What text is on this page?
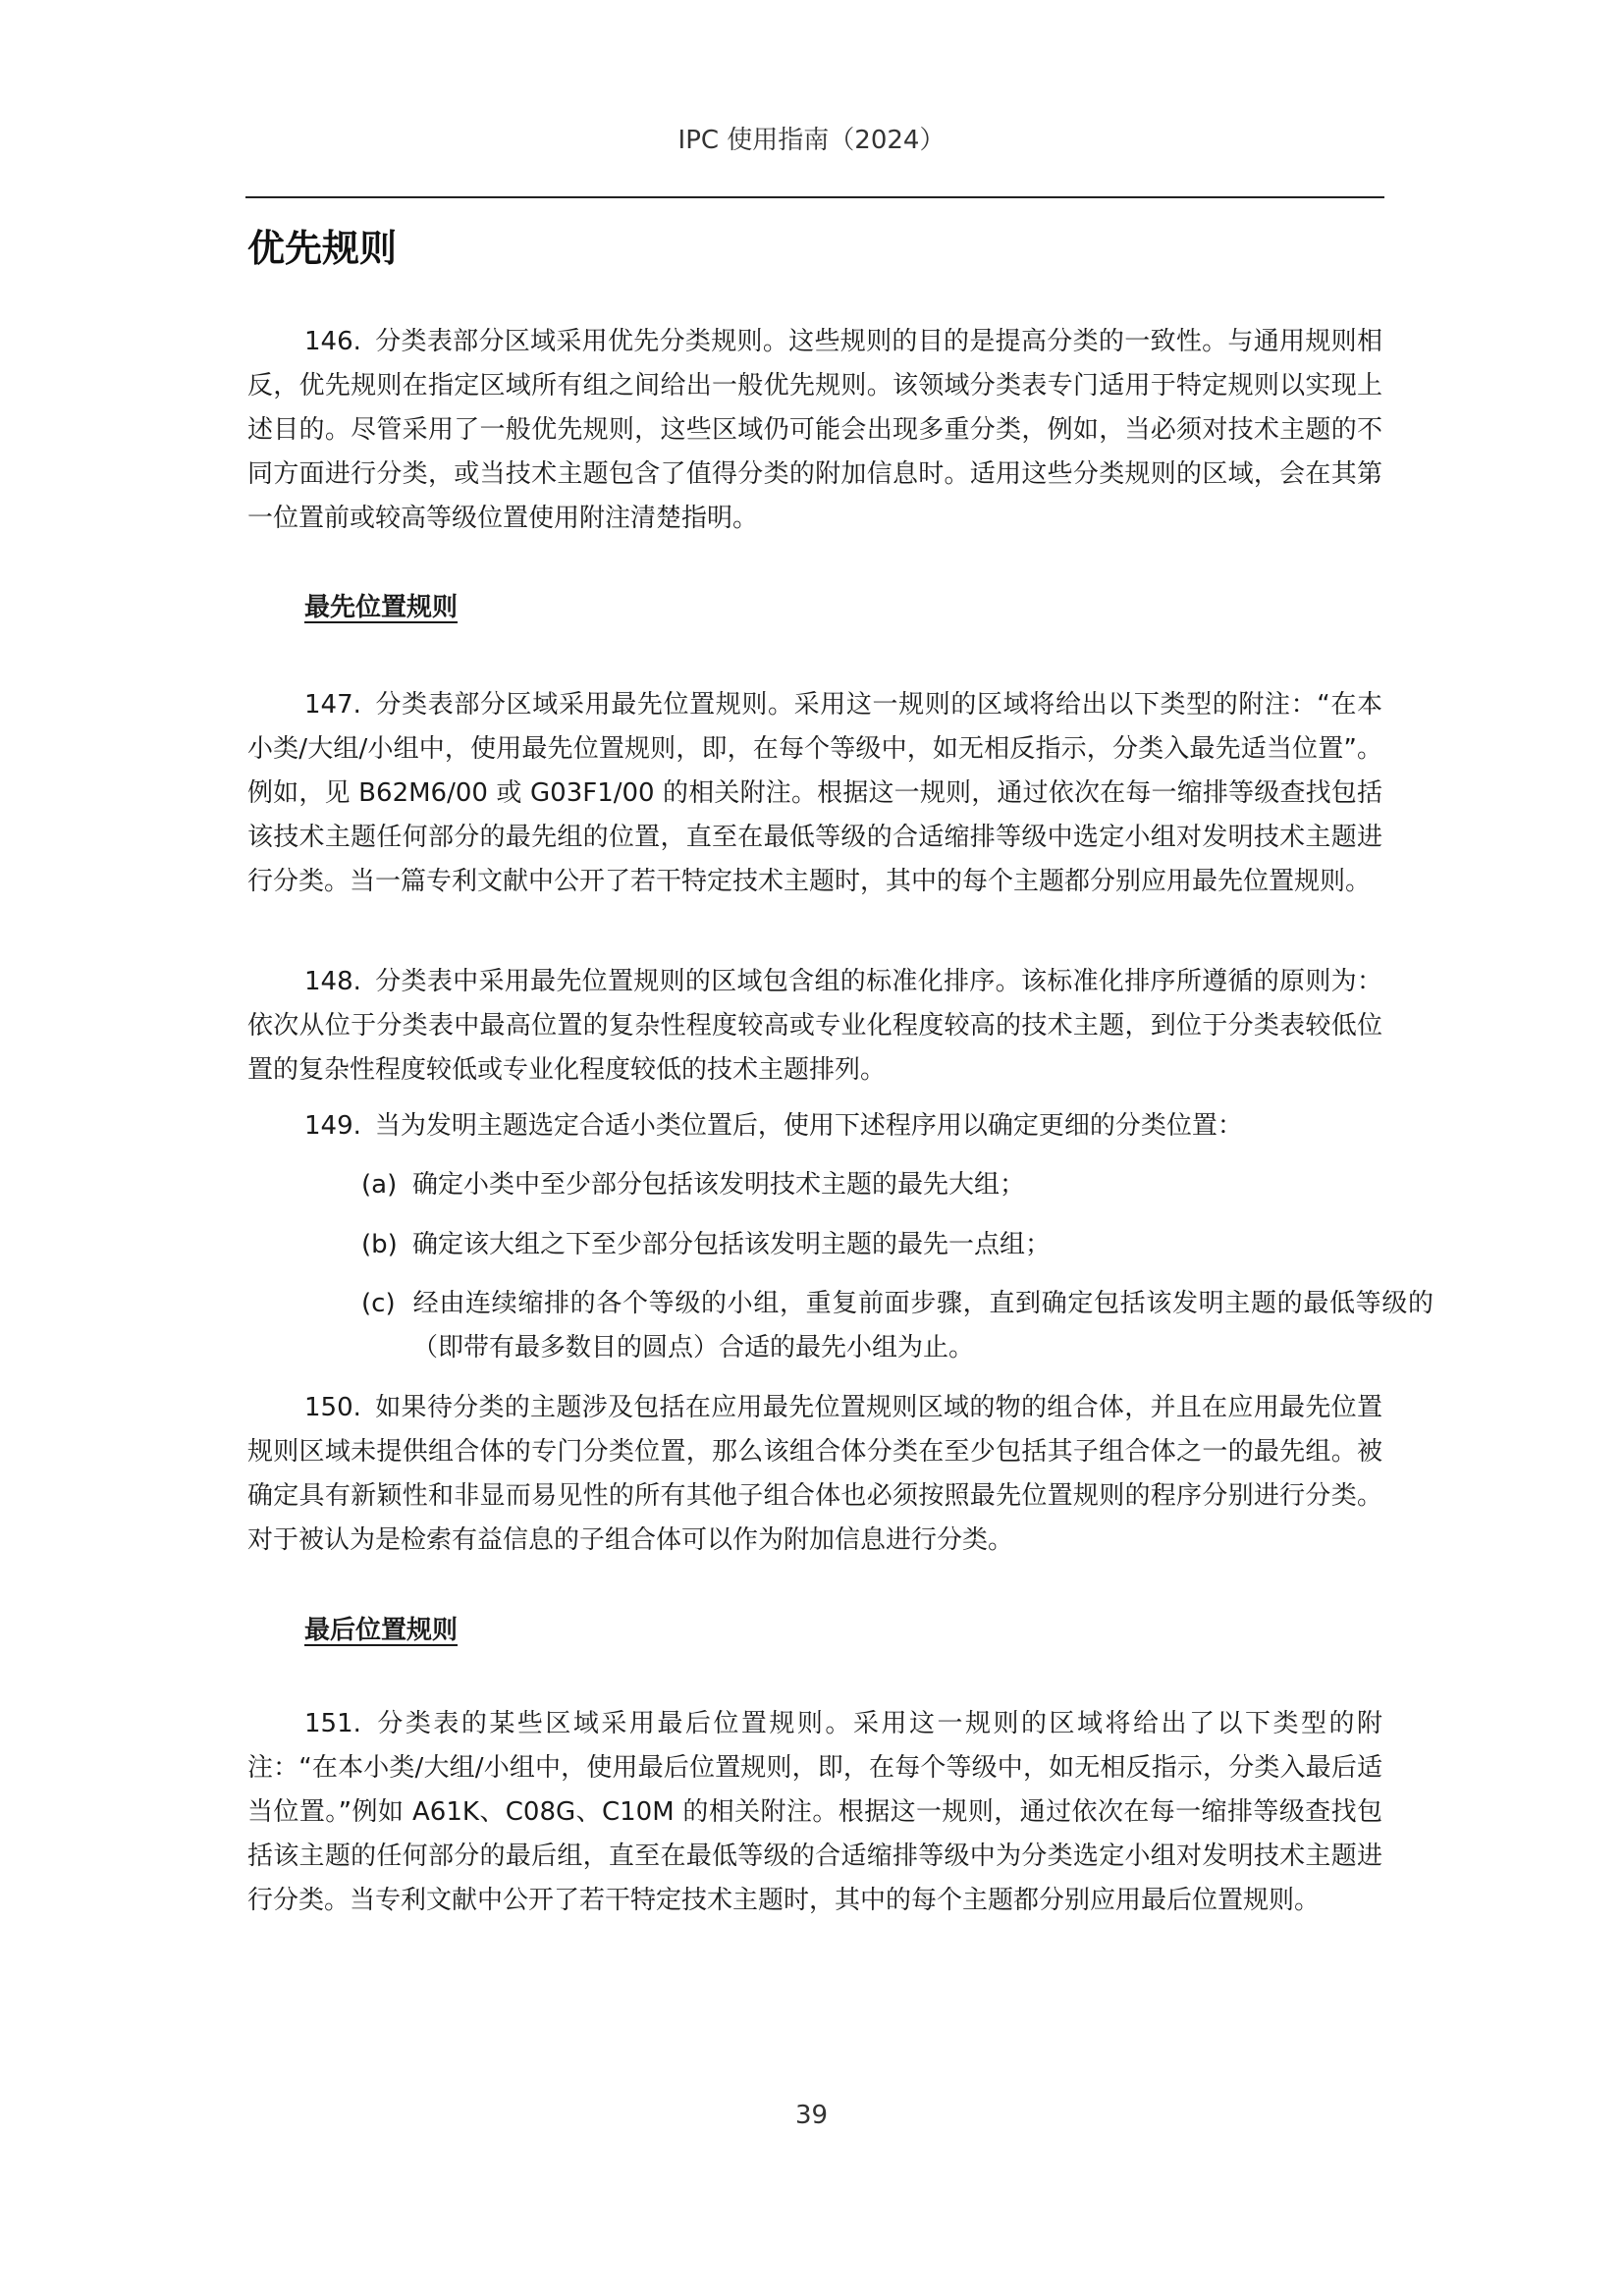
IPC 使用指南（2024）
优先规则

146. 分类表部分区域采用优先分类规则。这些规则的目的是提高分类的一致性。与通用规则相反，优先规则在指定区域所有组之间给出一般优先规则。该领域分类表专门适用于特定规则以实现上述目的。尽管采用了一般优先规则，这些区域仍可能会出现多重分类，例如，当必须对技术主题的不同方面进行分类，或当技术主题包含了值得分类的附加信息时。适用这些分类规则的区域，会在其第一位置前或较高等级位置使用附注清楚指明。

最先位置规则

147. 分类表部分区域采用最先位置规则。采用这一规则的区域将给出以下类型的附注：“在本小类/大组/小组中，使用最先位置规则，即，在每个等级中，如无相反指示，分类入最先适当位置”。例如，见 B62M6/00 或 G03F1/00 的相关附注。根据这一规则，通过依次在每一缩排等级查找包括该技术主题任何部分的最先组的位置，直至在最低等级的合适缩排等级中选定小组对发明技术主题进行分类。当一篇专利文献中公开了若干特定技术主题时，其中的每个主题都分别应用最先位置规则。

148. 分类表中采用最先位置规则的区域包含组的标准化排序。该标准化排序所遵循的原则为：依次从位于分类表中最高位置的复杂性程度较高或专业化程度较高的技术主题，到位于分类表较低位置的复杂性程度较低或专业化程度较低的技术主题排列。

149. 当为发明主题选定合适小类位置后，使用下述程序用以确定更细的分类位置：

(a) 确定小类中至少部分包括该发明技术主题的最先大组；

(b) 确定该大组之下至少部分包括该发明主题的最先一点组；

(c) 经由连续缩排的各个等级的小组，重复前面步骤，直到确定包括该发明主题的最低等级的（即带有最多数目的圆点）合适的最先小组为止。

150. 如果待分类的主题涉及包括在应用最先位置规则区域的物的组合体，并且在应用最先位置规则区域未提供组合体的专门分类位置，那么该组合体分类在至少包括其子组合体之一的最先组。被确定具有新颖性和非显而易见性的所有其他子组合体也必须按照最先位置规则的程序分别进行分类。对于被认为是检索有益信息的子组合体可以作为附加信息进行分类。

最后位置规则

151. 分类表的某些区域采用最后位置规则。采用这一规则的区域将给出了以下类型的附注：“在本小类/大组/小组中，使用最后位置规则，即，在每个等级中，如无相反指示，分类入最后适当位置。”例如 A61K、C08G、C10M 的相关附注。根据这一规则，通过依次在每一缩排等级查找包括该主题的任何部分的最后组，直至在最低等级的合适缩排等级中为分类选定小组对发明技术主题进行分类。当专利文献中公开了若干特定技术主题时，其中的每个主题都分别应用最后位置规则。

39
